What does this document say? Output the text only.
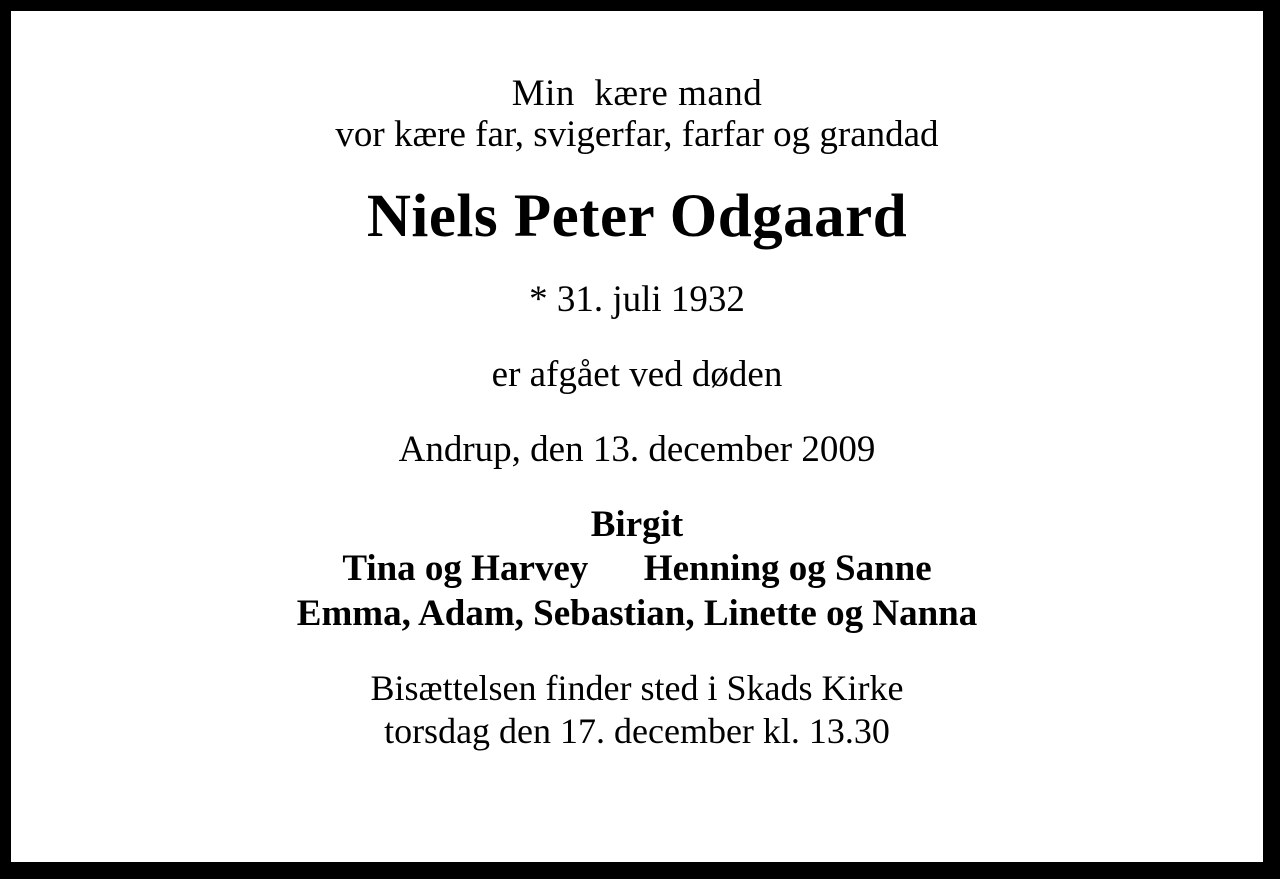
Min  kære mand
vor kære far, svigerfar, farfar og grandad
Niels Peter Odgaard
* 31. juli 1932
er afgået ved døden
Andrup, den 13. december 2009
Birgit
Tina og Harvey      Henning og Sanne
Emma, Adam, Sebastian, Linette og Nanna
Bisættelsen finder sted i Skads Kirke
torsdag den 17. december kl. 13.30
